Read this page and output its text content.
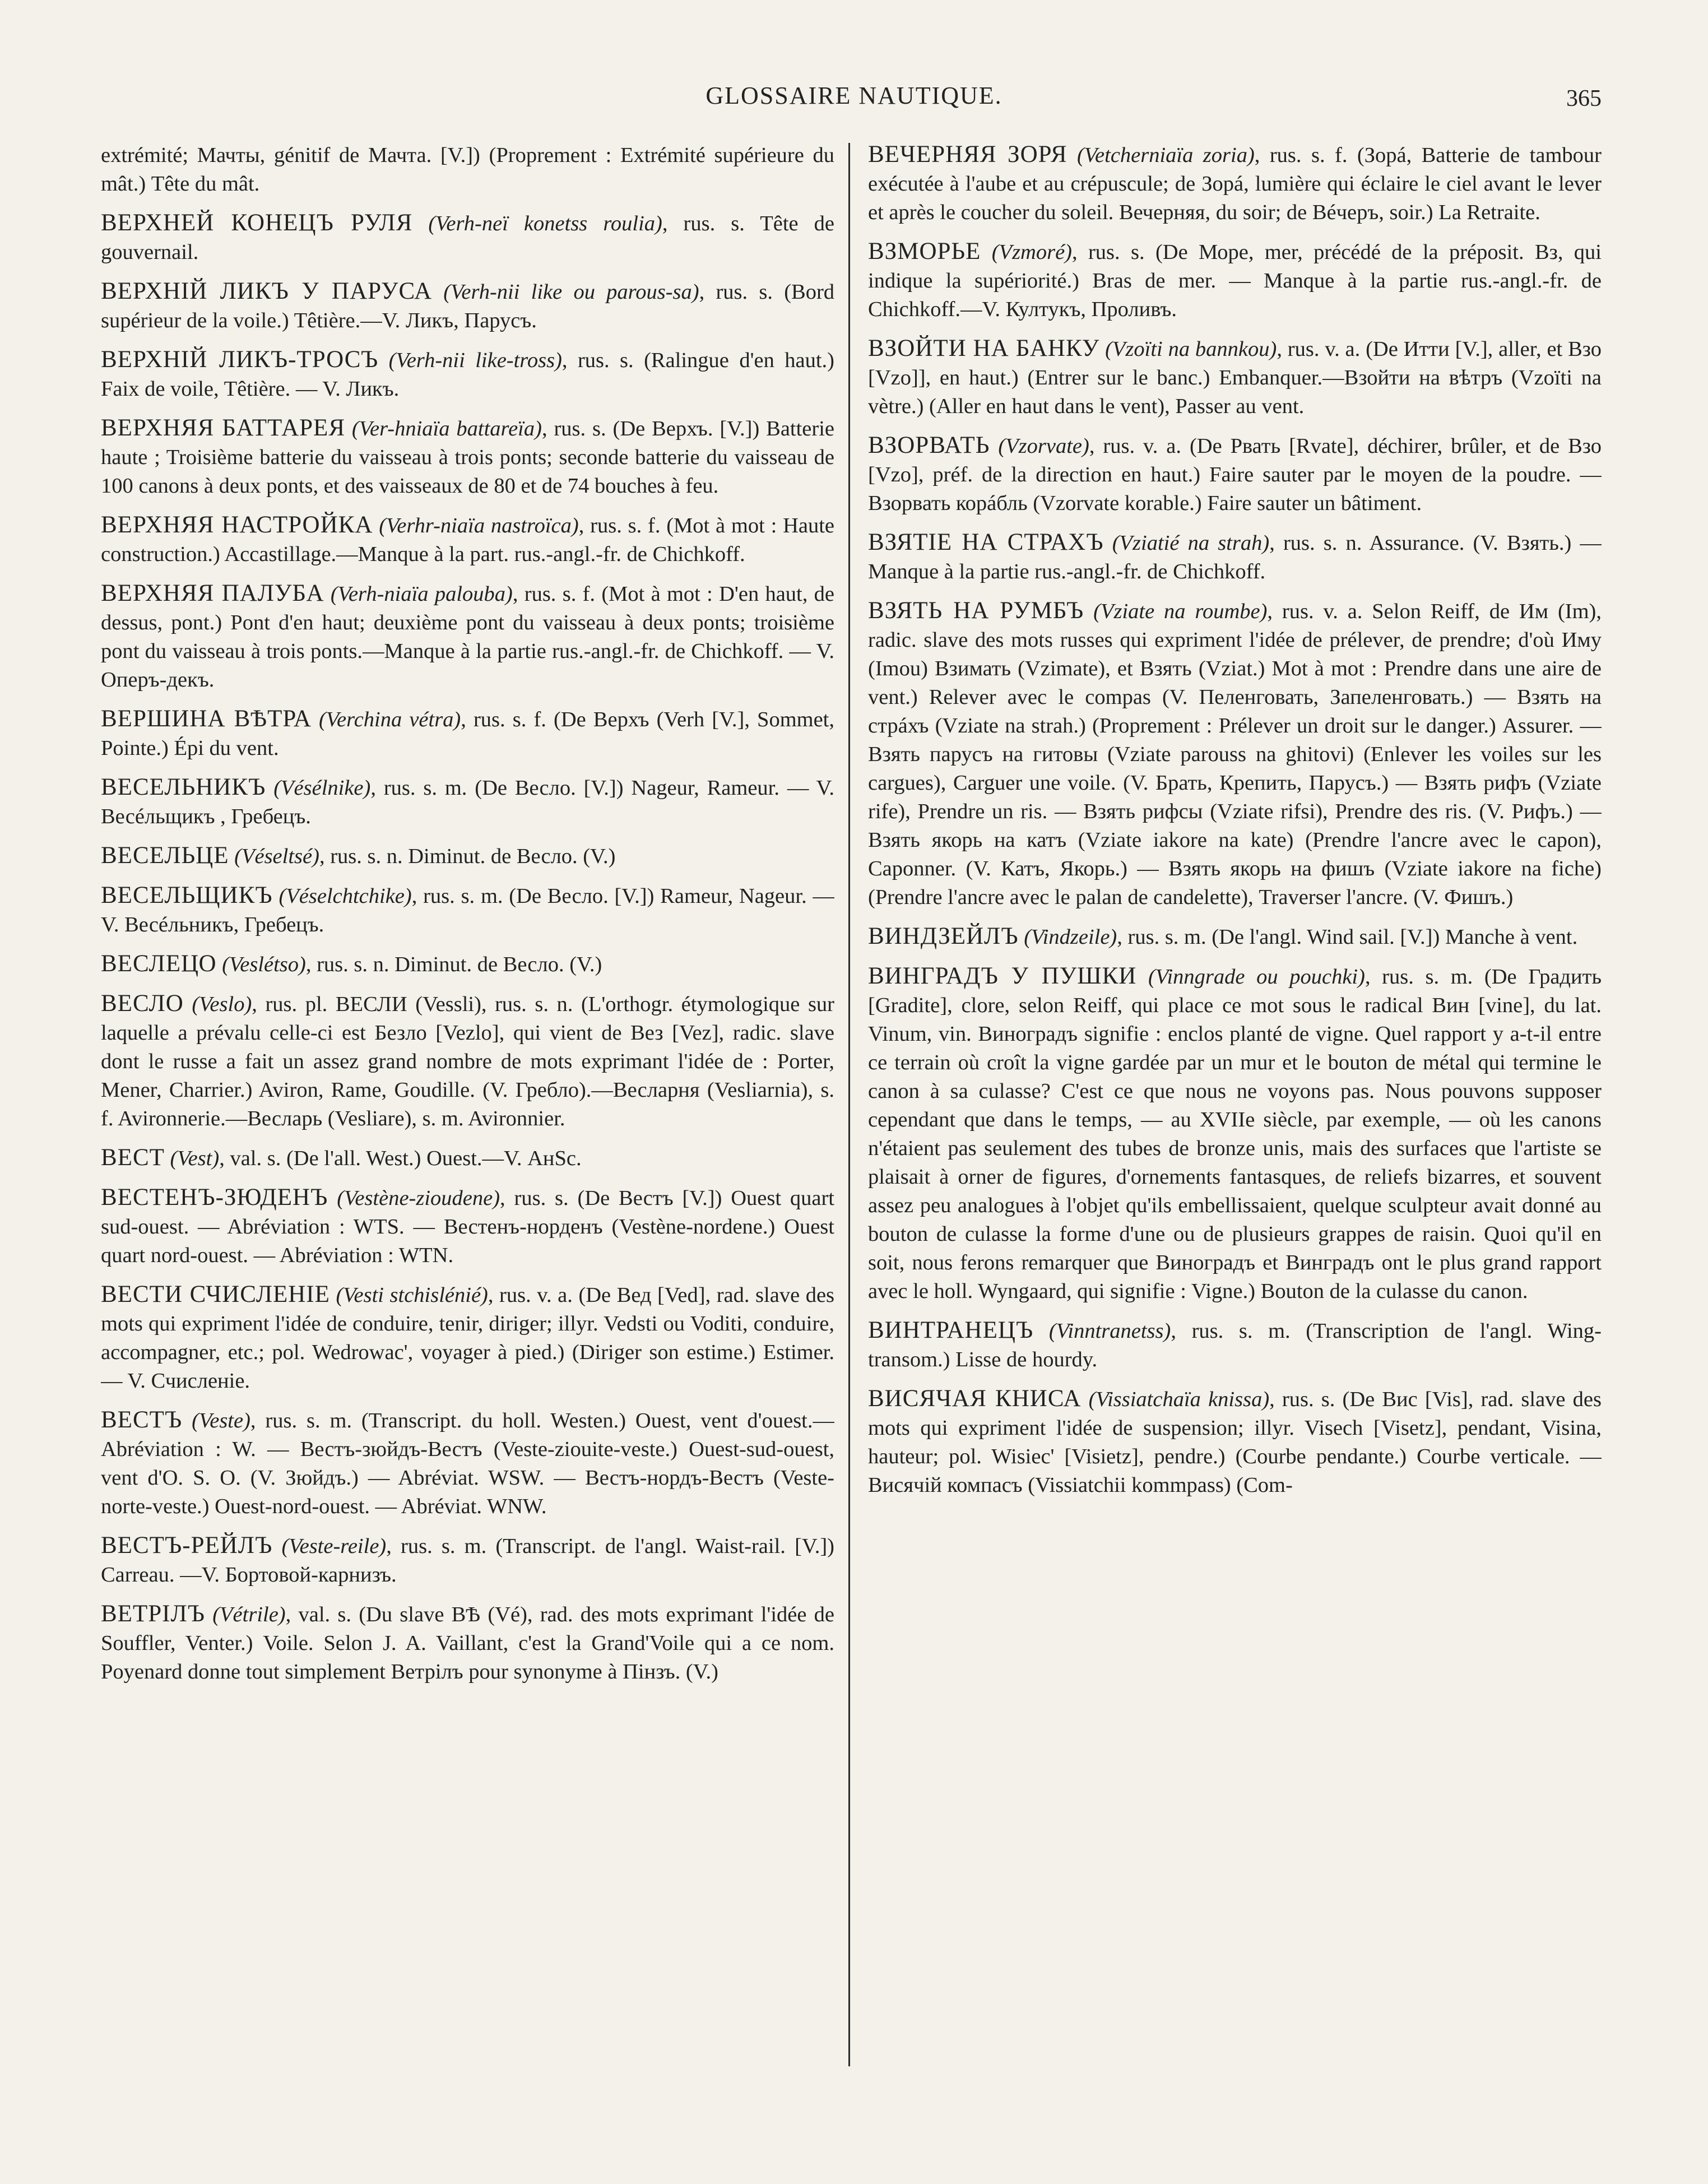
GLOSSAIRE NAUTIQUE.	365

extrémité; Мачты, génitif de Мачта. [V.]) (Proprement : Extrémité supérieure du mât.) Tête du mât.

ВЕРХНЕЙ КОНЕЦЪ РУЛЯ (Verh-neï konetss roulia), rus. s. Tête de gouvernail.

ВЕРХНІЙ ЛИКЪ У ПАРУСА (Verh-nii like ou parous-sa), rus. s. (Bord supérieur de la voile.) Têtière.—V. Ликъ, Парусъ.

ВЕРХНІЙ ЛИКЪ-ТРОСЪ (Verh-nii like-tross), rus. s. (Ralingue d'en haut.) Faix de voile, Têtière. — V. Ликъ.

ВЕРХНЯЯ БАТТАРЕЯ (Ver-hniaïa battareïa), rus. s. (De Верхъ. [V.]) Batterie haute ; Troisième batterie du vaisseau à trois ponts; seconde batterie du vaisseau de 100 canons à deux ponts, et des vaisseaux de 80 et de 74 bouches à feu.

ВЕРХНЯЯ НАСТРОЙКА (Verhr-niaïa nastroïca), rus. s. f. (Mot à mot : Haute construction.) Accastillage.—Manque à la part. rus.-angl.-fr. de Chichkoff.

ВЕРХНЯЯ ПАЛУБА (Verh-niaïa paloubа), rus. s. f. (Mot à mot : D'en haut, de dessus, pont.) Pont d'en haut; deuxième pont du vaisseau à deux ponts; troisième pont du vaisseau à trois ponts.—Manque à la partie rus.-angl.-fr. de Chichkoff. — V. Оперъ-декъ.

ВЕРШИНА ВѢТРА (Verchina vétra), rus. s. f. (De Верхъ (Verh [V.], Sommet, Pointe.) Épi du vent.

ВЕСЕЛЬНИКЪ (Vésélnike), rus. s. m. (De Весло. [V.]) Nageur, Rameur. — V. Весéльщикъ , Гребецъ.

ВЕСЕЛЬЦЕ (Véseltsé), rus. s. n. Diminut. de Весло. (V.)

ВЕСЕЛЬЩИКЪ (Véselchtchike), rus. s. m. (De Весло. [V.]) Rameur, Nageur. — V. Весéльникъ, Гребецъ.

ВЕСЛЕЦО (Veslétso), rus. s. n. Diminut. de Весло. (V.)

ВЕСЛО (Veslo), rus. pl. ВЕСЛИ (Vessli), rus. s. n. (L'orthogr. étymologique sur laquelle a prévalu celle-ci est Безло [Vezlo], qui vient de Вез [Vez], radic. slave dont le russe a fait un assez grand nombre de mots exprimant l'idée de : Porter, Mener, Charrier.) Aviron, Rame, Goudille. (V. Гребло).—Весларня (Vesliarnia), s. f. Avironnerie.—Весларь (Vesliare), s. m. Avironnier.

ВЕСТ (Vest), val. s. (De l'all. West.) Ouest.—V. АнЅс.

ВЕСТЕНЪ-ЗЮДЕНЪ (Vestène-zioudene), rus. s. (De Вестъ [V.]) Ouest quart sud-ouest. — Abréviation : WTS. — Вестенъ-норденъ (Vestène-nordene.) Ouest quart nord-ouest. — Abréviation : WTN.

ВЕСТИ СЧИСЛЕНІЕ (Vesti stchislénié), rus. v. a. (De Вед [Ved], rad. slave des mots qui expriment l'idée de conduire, tenir, diriger; illyr. Vedsti ou Voditi, conduire, accompagner, etc.; pol. Wedrowac', voyager à pied.) (Diriger son estime.) Estimer. — V. Счисленіе.

ВЕСТЪ (Veste), rus. s. m. (Transcript. du holl. Westen.) Ouest, vent d'ouest.—Abréviation : W. — Вестъ-зюйдъ-Вестъ (Veste-ziouite-veste.) Ouest-sud-ouest, vent d'O. S. O. (V. Зюйдъ.) — Abréviat. WSW. — Вестъ-нордъ-Вестъ (Veste-norte-veste.) Ouest-nord-ouest. — Abréviat. WNW.

ВЕСТЪ-РЕЙЛЪ (Veste-reile), rus. s. m. (Transcript. de l'angl. Waist-rail. [V.]) Carreau. —V. Бортовой-карнизъ.

ВЕТРІЛЪ (Vétrile), val. s. (Du slave ВѢ (Vé), rad. des mots exprimant l'idée de Souffler, Venter.) Voile. Selon J. A. Vaillant, c'est la Grand'Voile qui a ce nom. Poyenard donne tout simplement Ветрілъ pour synonyme à Пінзъ. (V.)

ВЕЧЕРНЯЯ ЗОРЯ (Vetcherniaïa zoria), rus. s. f. (Зорá, Batterie de tambour exécutée à l'aube et au crépuscule; de Зорá, lumière qui éclaire le ciel avant le lever et après le coucher du soleil. Вечерняя, du soir; de Вéчеръ, soir.) La Retraite.

ВЗМОРЬЕ (Vzmoré), rus. s. (De Море, mer, précédé de la préposit. Вз, qui indique la supériorité.) Bras de mer. — Manque à la partie rus.-angl.-fr. de Chichkoff.—V. Култукъ, Проливъ.

ВЗОЙТИ НА БАНКУ (Vzoïti na bannkou), rus. v. a. (De Итти [V.], aller, et Взо [Vzo]], en haut.) (Entrer sur le banc.) Embanquer.—Взойти на вѣтръ (Vzoïti na vètre.) (Aller en haut dans le vent), Passer au vent.

ВЗОРВАТЬ (Vzorvate), rus. v. a. (De Рвать [Rvate], déchirer, brûler, et de Взо [Vzo], préf. de la direction en haut.) Faire sauter par le moyen de la poudre. — Взорвать корáбль (Vzorvate korable.) Faire sauter un bâtiment.

ВЗЯТІЕ НА СТРАХЪ (Vziatié na strah), rus. s. n. Assurance. (V. Взять.) — Manque à la partie rus.-angl.-fr. de Chichkoff.

ВЗЯТЬ НА РУМБЪ (Vziate na roumbe), rus. v. a. Selon Reiff, de Им (Im), radic. slave des mots russes qui expriment l'idée de prélever, de prendre; d'où Иму (Imou) Взимать (Vzimate), et Взять (Vziat.) Mot à mot : Prendre dans une aire de vent.) Relever avec le compas (V. Пеленговать, Запеленговать.) — Взять на стрáхъ (Vziate na strah.) (Proprement : Prélever un droit sur le danger.) Assurer. — Взять парусъ на гитовы (Vziate parouss na ghitovi) (Enlever les voiles sur les cargues), Carguer une voile. (V. Брать, Крепить, Парусъ.) — Взять рифъ (Vziate rife), Prendre un ris. — Взять рифсы (Vziate rifsi), Prendre des ris. (V. Рифъ.) — Взять якорь на катъ (Vziate iakore na kate) (Prendre l'ancre avec le capon), Caponner. (V. Катъ, Якорь.) — Взять якорь на фишъ (Vziate iakore na fiche) (Prendre l'ancre avec le palan de candelette), Traverser l'ancre. (V. Фишъ.)

ВИНДЗЕЙЛЪ (Vindzeile), rus. s. m. (De l'angl. Wind sail. [V.]) Manche à vent.

ВИНГРАДЪ У ПУШКИ (Vinngrade ou pouchki), rus. s. m. (De Градить [Gradite], clore, selon Reiff, qui place ce mot sous le radical Вин [vine], du lat. Vinum, vin. Виноградъ signifie : enclos planté de vigne. Quel rapport y a-t-il entre ce terrain où croît la vigne gardée par un mur et le bouton de métal qui termine le canon à sa culasse? C'est ce que nous ne voyons pas. Nous pouvons supposer cependant que dans le temps, — au XVIIe siècle, par exemple, — où les canons n'étaient pas seulement des tubes de bronze unis, mais des surfaces que l'artiste se plaisait à orner de figures, d'ornements fantasques, de reliefs bizarres, et souvent assez peu analogues à l'objet qu'ils embellissaient, quelque sculpteur avait donné au bouton de culasse la forme d'une ou de plusieurs grappes de raisin. Quoi qu'il en soit, nous ferons remarquer que Виноградъ et Винградъ ont le plus grand rapport avec le holl. Wyngaard, qui signifie : Vigne.) Bouton de la culasse du canon.

ВИНТРАНЕЦЪ (Vinntranetss), rus. s. m. (Transcription de l'angl. Wing-transom.) Lisse de hourdy.

ВИСЯЧАЯ КНИСА (Vissiatchaïa knissa), rus. s. (De Вис [Vis], rad. slave des mots qui expriment l'idée de suspension; illyr. Visech [Visetz], pendant, Visina, hauteur; pol. Wisiec' [Visietz], pendre.) (Courbe pendante.) Courbe verticale. — Висячій компасъ (Vissiatchii kommpass) (Com-
